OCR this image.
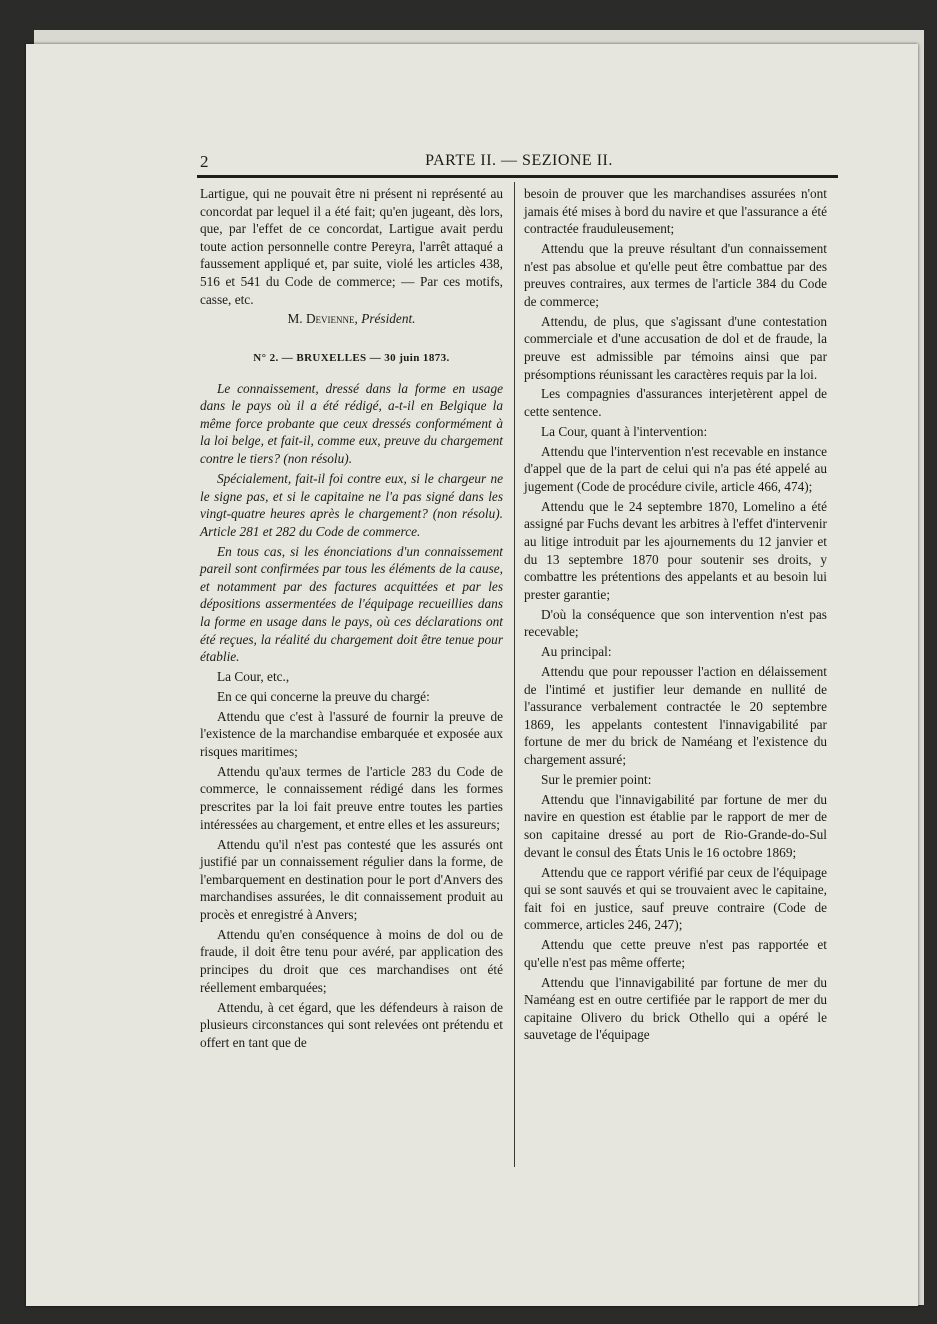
2	PARTE II. — SEZIONE II.

Lartigue, qui ne pouvait être ni présent ni représenté au concordat par lequel il a été fait; qu'en jugeant, dès lors, que, par l'effet de ce concordat, Lartigue avait perdu toute action personnelle contre Pereyra, l'arrêt attaqué a faussement appliqué et, par suite, violé les articles 438, 516 et 541 du Code de commerce; — Par ces motifs, casse, etc.

M. Devienne, Président.

N° 2. — BRUXELLES — 30 juin 1873.

Le connaissement, dressé dans la forme en usage dans le pays où il a été rédigé, a-t-il en Belgique la même force probante que ceux dressés conformément à la loi belge, et fait-il, comme eux, preuve du chargement contre le tiers? (non résolu).

Spécialement, fait-il foi contre eux, si le chargeur ne le signe pas, et si le capitaine ne l'a pas signé dans les vingt-quatre heures après le chargement? (non résolu). Article 281 et 282 du Code de commerce.

En tous cas, si les énonciations d'un connaissement pareil sont confirmées par tous les éléments de la cause, et notamment par des factures acquittées et par les dépositions assermentées de l'équipage recueillies dans la forme en usage dans le pays, où ces déclarations ont été reçues, la réalité du chargement doit être tenue pour établie.

La Cour, etc.,

En ce qui concerne la preuve du chargé:

Attendu que c'est à l'assuré de fournir la preuve de l'existence de la marchandise embarquée et exposée aux risques maritimes;

Attendu qu'aux termes de l'article 283 du Code de commerce, le connaissement rédigé dans les formes prescrites par la loi fait preuve entre toutes les parties intéressées au chargement, et entre elles et les assureurs;

Attendu qu'il n'est pas contesté que les assurés ont justifié par un connaissement régulier dans la forme, de l'embarquement en destination pour le port d'Anvers des marchandises assurées, le dit connaissement produit au procès et enregistré à Anvers;

Attendu qu'en conséquence à moins de dol ou de fraude, il doit être tenu pour avéré, par application des principes du droit que ces marchandises ont été réellement embarquées;

Attendu, à cet égard, que les défendeurs à raison de plusieurs circonstances qui sont relevées ont prétendu et offert en tant que de

besoin de prouver que les marchandises assurées n'ont jamais été mises à bord du navire et que l'assurance a été contractée frauduleusement;

Attendu que la preuve résultant d'un connaissement n'est pas absolue et qu'elle peut être combattue par des preuves contraires, aux termes de l'article 384 du Code de commerce;

Attendu, de plus, que s'agissant d'une contestation commerciale et d'une accusation de dol et de fraude, la preuve est admissible par témoins ainsi que par présomptions réunissant les caractères requis par la loi.

Les compagnies d'assurances interjetèrent appel de cette sentence.

La Cour, quant à l'intervention:

Attendu que l'intervention n'est recevable en instance d'appel que de la part de celui qui n'a pas été appelé au jugement (Code de procédure civile, article 466, 474);

Attendu que le 24 septembre 1870, Lomelino a été assigné par Fuchs devant les arbitres à l'effet d'intervenir au litige introduit par les ajournements du 12 janvier et du 13 septembre 1870 pour soutenir ses droits, y combattre les prétentions des appelants et au besoin lui prester garantie;

D'où la conséquence que son intervention n'est pas recevable;

Au principal:

Attendu que pour repousser l'action en délaissement de l'intimé et justifier leur demande en nullité de l'assurance verbalement contractée le 20 septembre 1869, les appelants contestent l'innavigabilité par fortune de mer du brick de Naméang et l'existence du chargement assuré;

Sur le premier point:

Attendu que l'innavigabilité par fortune de mer du navire en question est établie par le rapport de mer de son capitaine dressé au port de Rio-Grande-do-Sul devant le consul des États Unis le 16 octobre 1869;

Attendu que ce rapport vérifié par ceux de l'équipage qui se sont sauvés et qui se trouvaient avec le capitaine, fait foi en justice, sauf preuve contraire (Code de commerce, articles 246, 247);

Attendu que cette preuve n'est pas rapportée et qu'elle n'est pas même offerte;

Attendu que l'innavigabilité par fortune de mer du Naméang est en outre certifiée par le rapport de mer du capitaine Olivero du brick Othello qui a opéré le sauvetage de l'équipage
